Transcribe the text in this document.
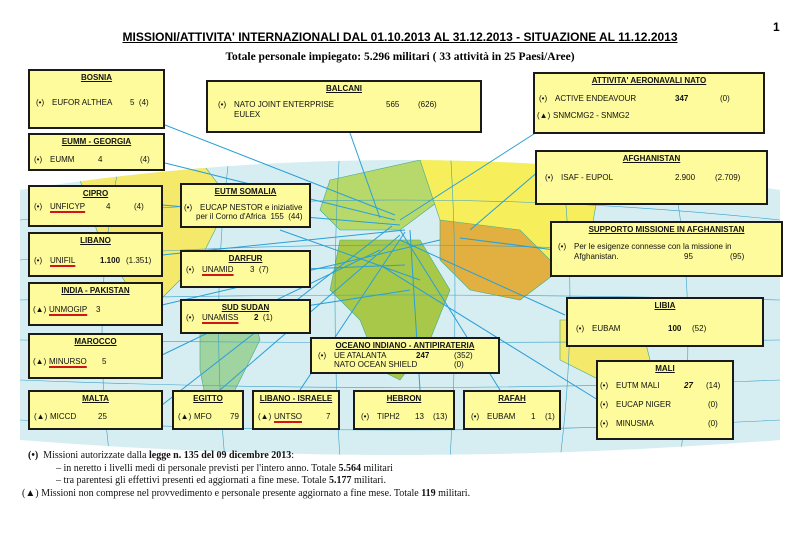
1
MISSIONI/ATTIVITA' INTERNAZIONALI DAL 01.10.2013 AL 31.12.2013 - SITUAZIONE AL 11.12.2013
Totale personale impiegato: 5.296 militari ( 33 attività in 25 Paesi/Aree)
BOSNIA
(•) EUFOR ALTHEA 5 (4)
EUMM - GEORGIA
(•) EUMM	4	(4)
CIPRO
(•) UNFICYP	4	(4)
LIBANO
(•) UNIFIL	1.100 (1.351)
INDIA - PAKISTAN
(▲) UNMOGIP 3
MAROCCO
(▲) MINURSO 5
MALTA
(▲) MICCD	25
EGITTO
(▲) MFO 79
LIBANO - ISRAELE
(▲) UNTSO	7
HEBRON
(•) TIPH2 13 (13)
RAFAH
(•) EUBAM 1 (1)
BALCANI
(•) NATO JOINT ENTERPRISE
EULEX
565 (626)
EUTM SOMALIA
(•) EUCAP NESTOR e iniziative
per il Corno d'Africa 155 (44)
DARFUR
(•) UNAMID 3 (7)
SUD SUDAN
(•) UNAMISS 2 (1)
OCEANO INDIANO - ANTIPIRATERIA
(•) UE ATALANTA	247	(352)
NATO OCEAN SHIELD	(0)
ATTIVITA' AERONAVALI NATO
(•) ACTIVE ENDEAVOUR	347	(0)
(▲) SNMCMG2 - SNMG2
AFGHANISTAN
(•) ISAF - EUPOL	2.900 (2.709)
SUPPORTO MISSIONE IN AFGHANISTAN
(•) Per le esigenze connesse con la missione in
Afghanistan.	95	(95)
LIBIA
(•) EUBAM	100 (52)
MALI
(•) EUTM MALI	27 (14)
(•) EUCAP NIGER	(0)
(•) MINUSMA	(0)
(•) Missioni autorizzate dalla legge n. 135 del 09 dicembre 2013:
– in neretto i livelli medi di personale previsti per l'intero anno. Totale 5.564 militari
– tra parentesi gli effettivi presenti ed aggiornati a fine mese. Totale 5.177 militari.
(▲) Missioni non comprese nel provvedimento e personale presente aggiornato a fine mese. Totale 119 militari.
